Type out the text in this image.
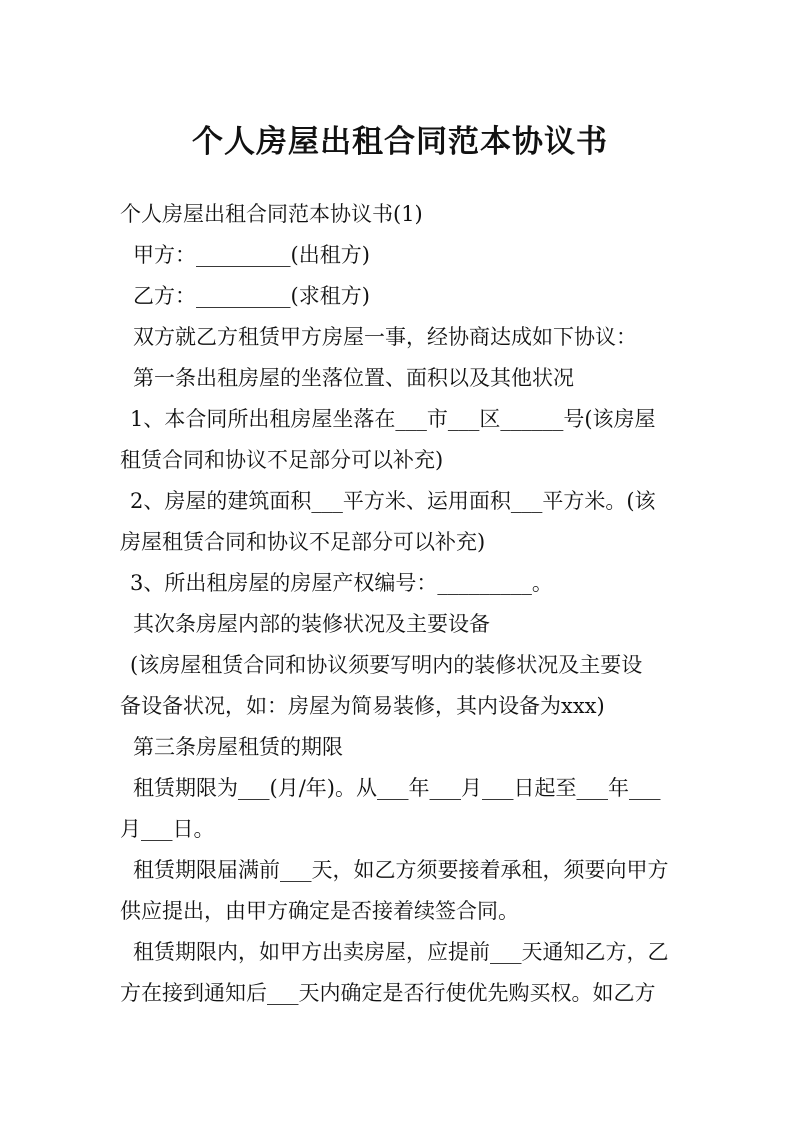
个人房屋出租合同范本协议书
个人房屋出租合同范本协议书(1)
甲方：_________(出租方)
乙方：_________(求租方)
双方就乙方租赁甲方房屋一事，经协商达成如下协议：
第一条出租房屋的坐落位置、面积以及其他状况
1、本合同所出租房屋坐落在___市___区______号(该房屋
租赁合同和协议不足部分可以补充)
2、房屋的建筑面积___平方米、运用面积___平方米。(该
房屋租赁合同和协议不足部分可以补充)
3、所出租房屋的房屋产权编号：_________。
其次条房屋内部的装修状况及主要设备
(该房屋租赁合同和协议须要写明内的装修状况及主要设
备设备状况，如：房屋为简易装修，其内设备为xxx)
第三条房屋租赁的期限
租赁期限为___(月/年)。从___年___月___日起至___年___
月___日。
租赁期限届满前___天，如乙方须要接着承租，须要向甲方
供应提出，由甲方确定是否接着续签合同。
租赁期限内，如甲方出卖房屋，应提前___天通知乙方，乙
方在接到通知后___天内确定是否行使优先购买权。如乙方
